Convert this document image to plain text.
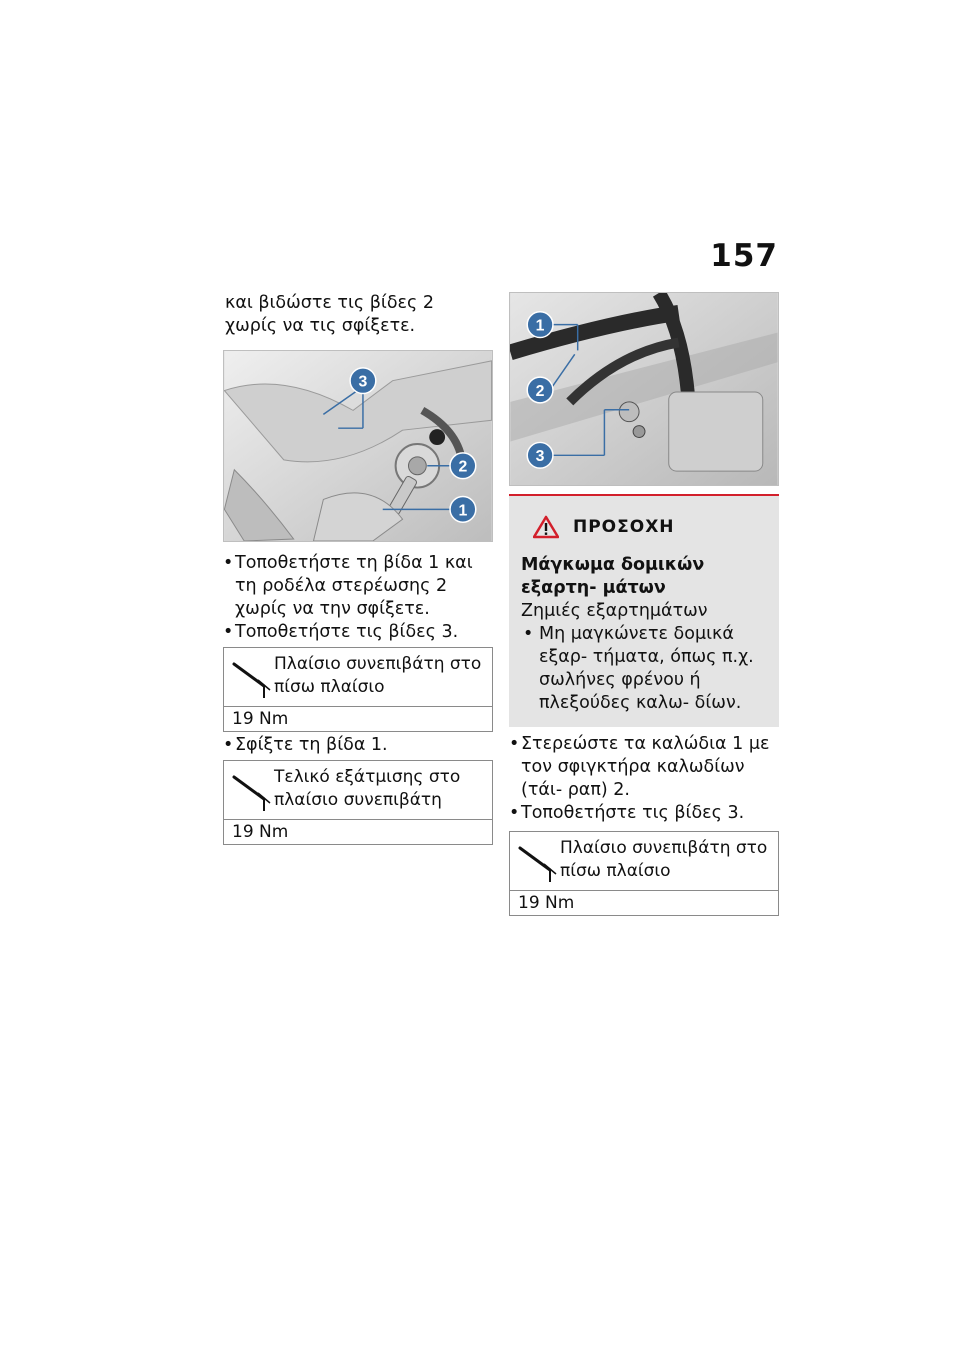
157

και βιδώστε τις βίδες 2 χωρίς να τις σφίξετε.

3
2
1
• Τοποθετήστε τη βίδα 1 και τη ροδέλα στερέωσης 2 χωρίς να την σφίξετε.
• Τοποθετήστε τις βίδες 3.
Πλαίσιο συνεπιβάτη στο πίσω πλαίσιο
19 Nm
• Σφίξτε τη βίδα 1.
Τελικό εξάτμισης στο πλαίσιο συνεπιβάτη
19 Nm
1
2
3
ΠΡΟΣΟΧΗ
Μάγκωμα δομικών εξαρτη- μάτων
Ζημιές εξαρτημάτων
• Μη μαγκώνετε δομικά εξαρ- τήματα, όπως π.χ. σωλήνες φρένου ή πλεξούδες καλω- δίων.
• Στερεώστε τα καλώδια 1 με τον σφιγκτήρα καλωδίων (τάι- ραπ) 2.
• Τοποθετήστε τις βίδες 3.
Πλαίσιο συνεπιβάτη στο πίσω πλαίσιο
19 Nm
